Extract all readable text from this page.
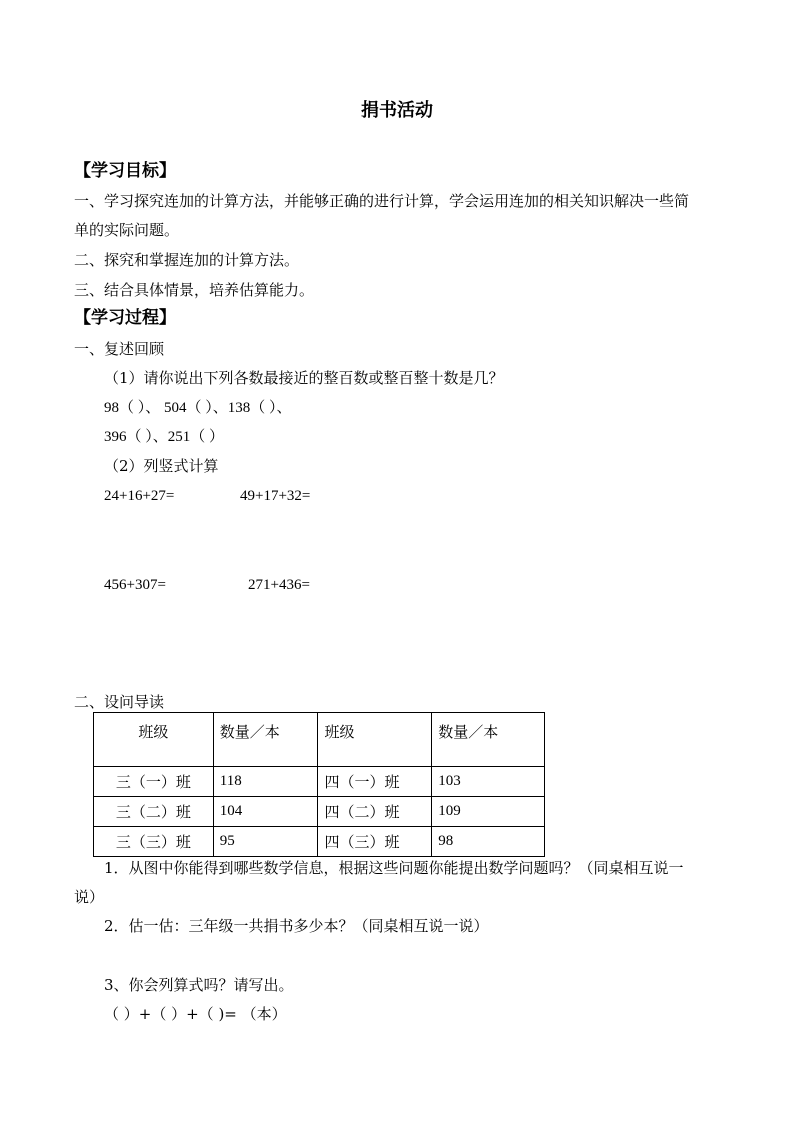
捐书活动
【学习目标】
一、学习探究连加的计算方法，并能够正确的进行计算，学会运用连加的相关知识解决一些简
单的实际问题。
二、探究和掌握连加的计算方法。
三、结合具体情景，培养估算能力。
【学习过程】
一、复述回顾
（1）请你说出下列各数最接近的整百数或整百整十数是几？
98（ ）、 504（ ）、138（ ）、
396（ ）、251（ ）
（2）列竖式计算
24+16+27=	49+17+32=
456+307=	271+436=
二、设问导读
班级	数量／本	班级	数量／本
三（一）班	118	四（一）班	103
三（二）班	104	四（二）班	109
三（三）班	95	四（三）班	98
1．从图中你能得到哪些数学信息，根据这些问题你能提出数学问题吗？（同桌相互说一
说）
2．估一估：三年级一共捐书多少本？（同桌相互说一说）
3、你会列算式吗？请写出。
（ ）+（ ）+（ )= （本）
